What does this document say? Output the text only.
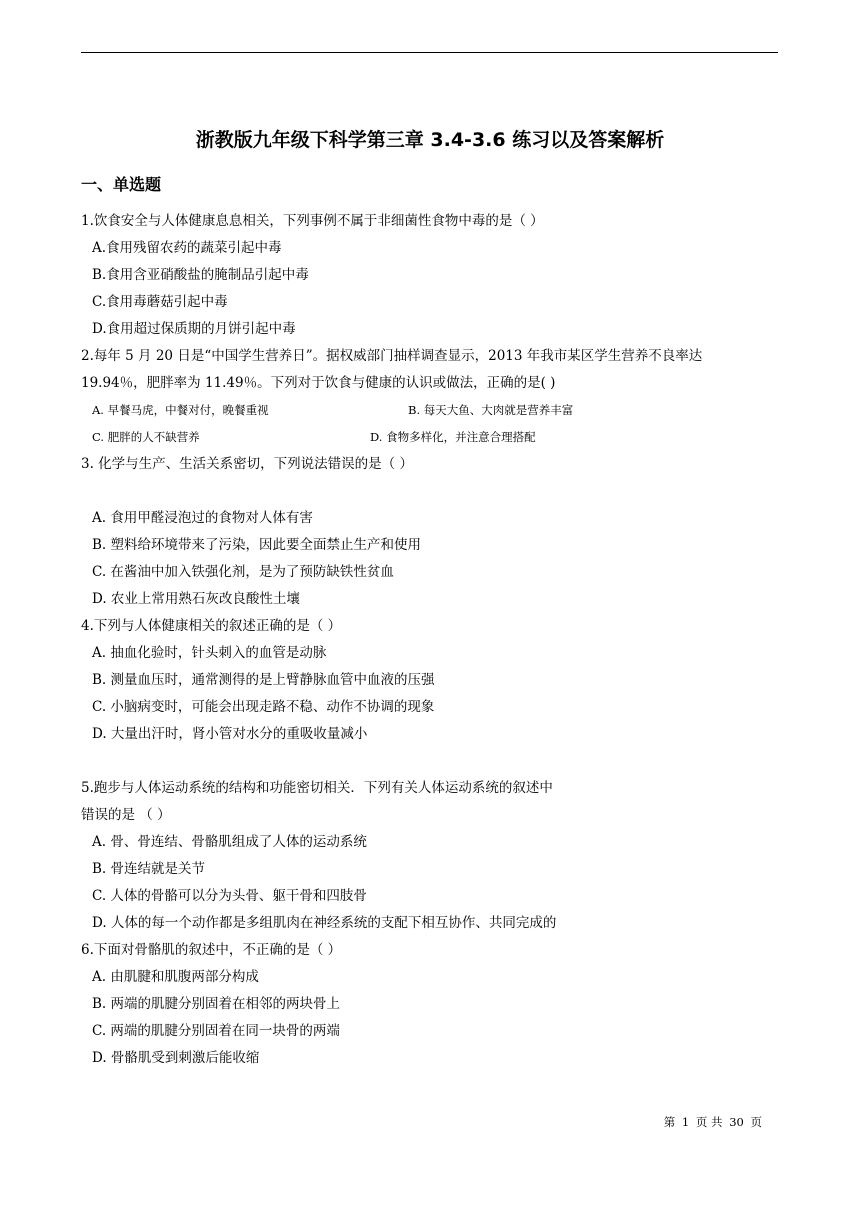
浙教版九年级下科学第三章 3.4-3.6 练习以及答案解析
一、单选题
1.饮食安全与人体健康息息相关，下列事例不属于非细菌性食物中毒的是（ ）
A.食用残留农药的蔬菜引起中毒
B.食用含亚硝酸盐的腌制品引起中毒
C.食用毒蘑菇引起中毒
D.食用超过保质期的月饼引起中毒
2.每年 5 月 20 日是“中国学生营养日”。据权威部门抽样调查显示，2013 年我市某区学生营养不良率达
19.94％，肥胖率为 11.49％。下列对于饮食与健康的认识或做法，正确的是( )
A. 早餐马虎，中餐对付，晚餐重视	B. 每天大鱼、大肉就是营养丰富
C. 肥胖的人不缺营养	D. 食物多样化，并注意合理搭配
3. 化学与生产、生活关系密切，下列说法错误的是（ ）
A. 食用甲醛浸泡过的食物对人体有害
B. 塑料给环境带来了污染，因此要全面禁止生产和使用
C. 在酱油中加入铁强化剂，是为了预防缺铁性贫血
D. 农业上常用熟石灰改良酸性土壤
4.下列与人体健康相关的叙述正确的是（ ）
A. 抽血化验时，针头刺入的血管是动脉
B. 测量血压时，通常测得的是上臂静脉血管中血液的压强
C. 小脑病变时，可能会出现走路不稳、动作不协调的现象
D. 大量出汗时，肾小管对水分的重吸收量减小
5.跑步与人体运动系统的结构和功能密切相关．下列有关人体运动系统的叙述中
错误的是 （ ）
A. 骨、骨连结、骨骼肌组成了人体的运动系统
B. 骨连结就是关节
C. 人体的骨骼可以分为头骨、躯干骨和四肢骨
D. 人体的每一个动作都是多组肌肉在神经系统的支配下相互协作、共同完成的
6.下面对骨骼肌的叙述中，不正确的是（ ）
A. 由肌腱和肌腹两部分构成
B. 两端的肌腱分别固着在相邻的两块骨上
C. 两端的肌腱分别固着在同一块骨的两端
D. 骨骼肌受到刺激后能收缩
第 1 页 共 30 页
